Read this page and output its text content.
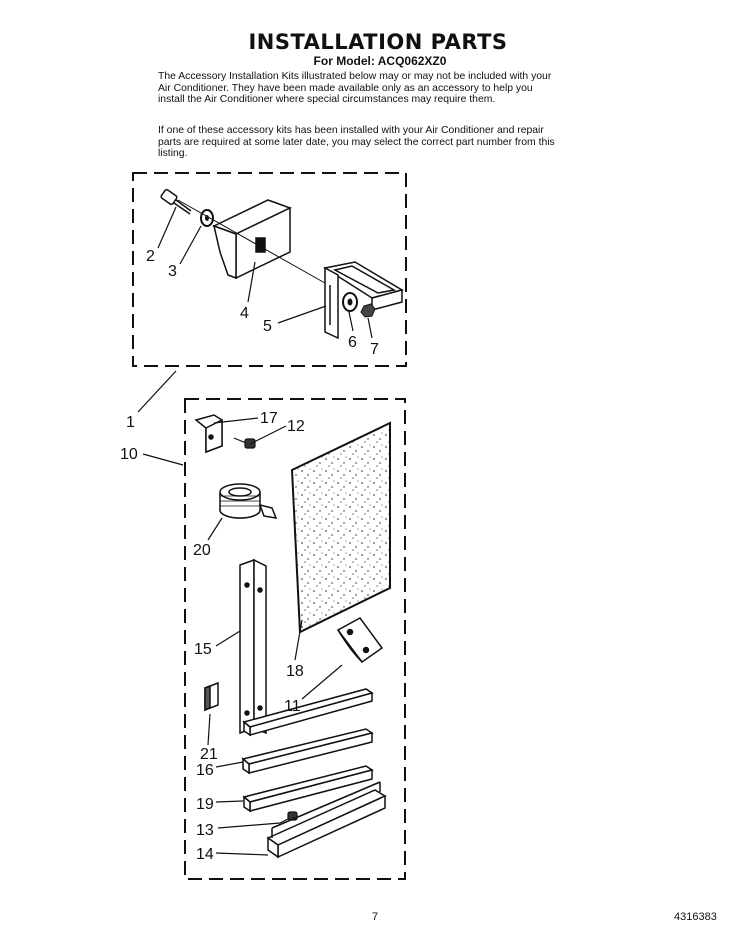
INSTALLATION PARTS
For Model: ACQ062XZ0

The Accessory Installation Kits illustrated below may or may not be included with your Air Conditioner. They have been made available only as an accessory to help you install the Air Conditioner where special circumstances may require them.

If one of these accessory kits has been installed with your Air Conditioner and repair parts are required at some later date, you may select the correct part number from this listing.

2
3
4
5
6 7
1
10
17 12
20
15
18
11
21
16
19
13
14
7	4316383
